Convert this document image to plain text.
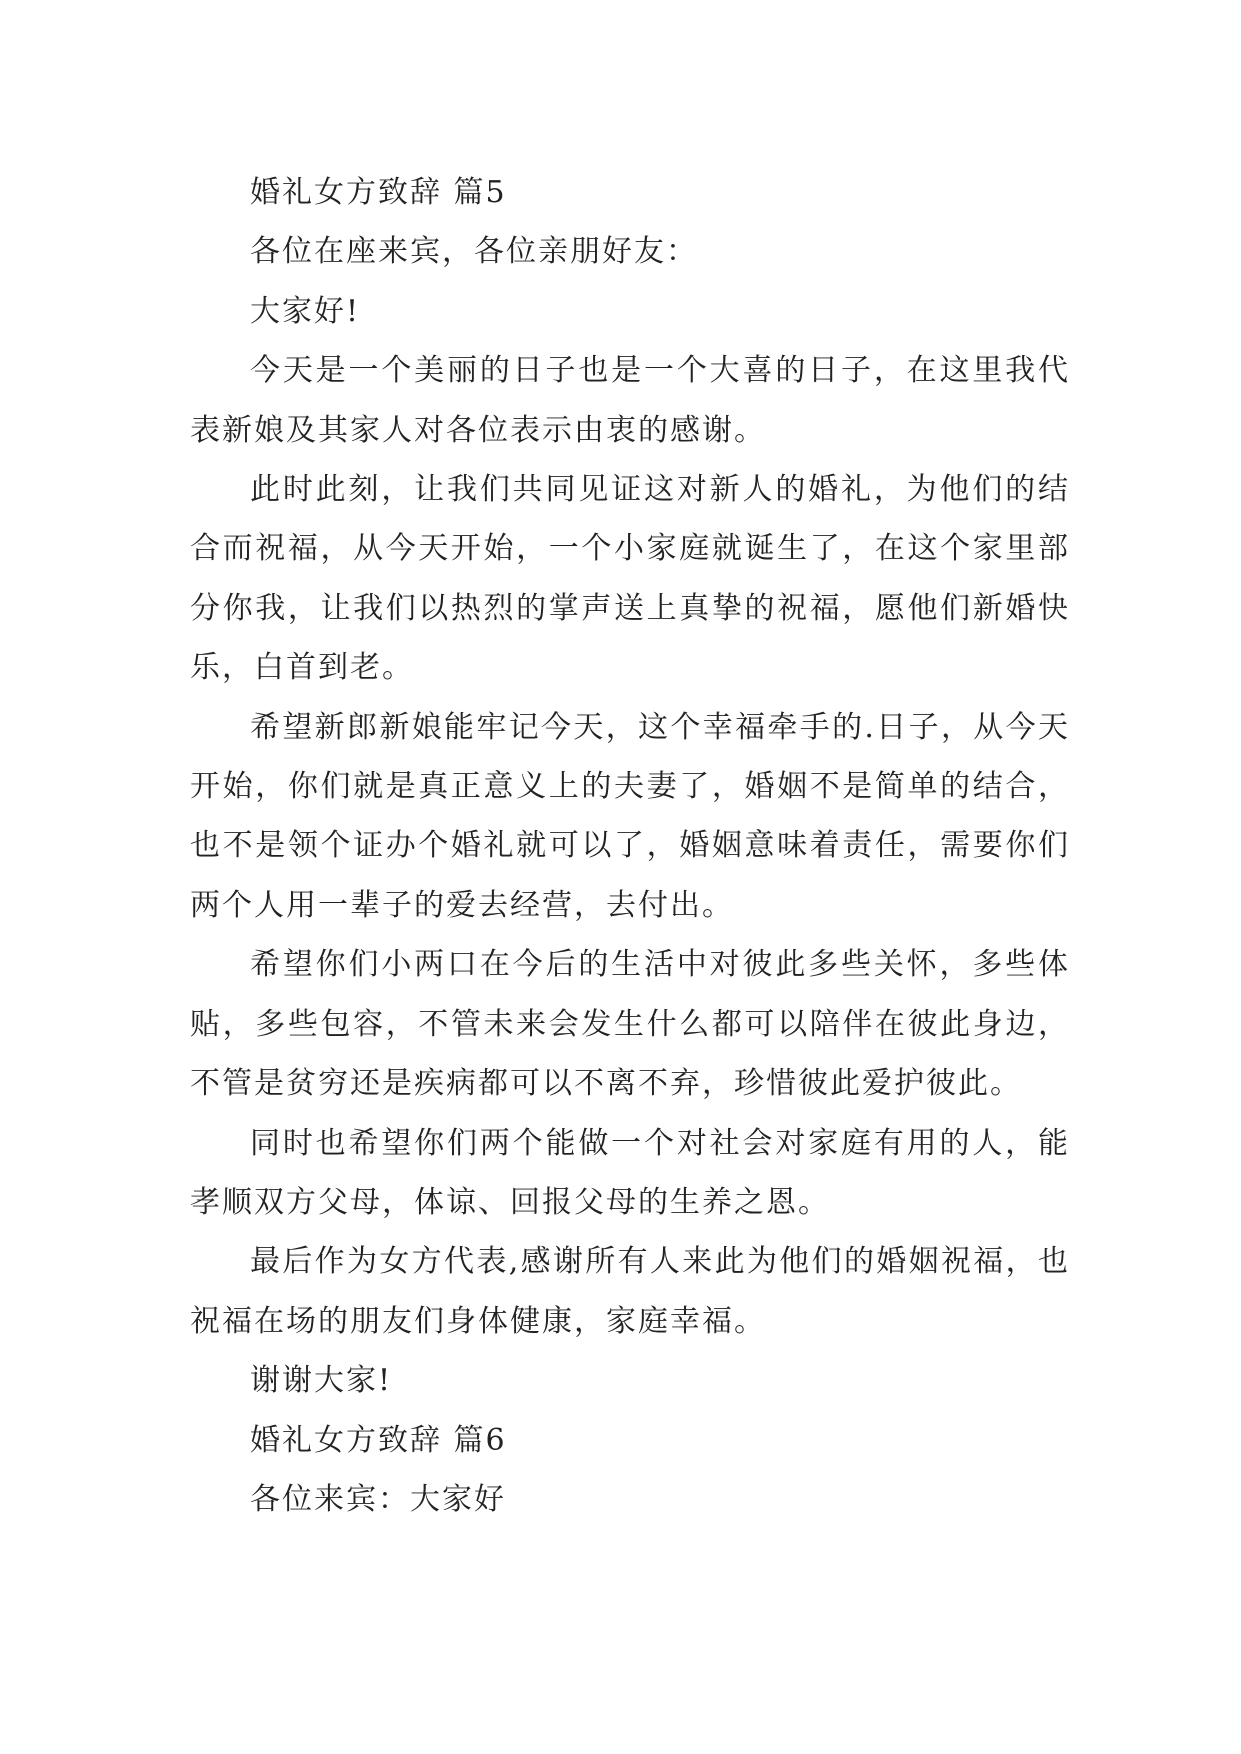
婚礼女方致辞 篇5

各位在座来宾，各位亲朋好友：

大家好!

今天是一个美丽的日子也是一个大喜的日子，在这里我代表新娘及其家人对各位表示由衷的感谢。

此时此刻，让我们共同见证这对新人的婚礼，为他们的结合而祝福，从今天开始，一个小家庭就诞生了，在这个家里部分你我，让我们以热烈的掌声送上真挚的祝福，愿他们新婚快乐，白首到老。

希望新郎新娘能牢记今天，这个幸福牵手的.日子，从今天开始，你们就是真正意义上的夫妻了，婚姻不是简单的结合，也不是领个证办个婚礼就可以了，婚姻意味着责任，需要你们两个人用一辈子的爱去经营，去付出。

希望你们小两口在今后的生活中对彼此多些关怀，多些体贴，多些包容，不管未来会发生什么都可以陪伴在彼此身边，不管是贫穷还是疾病都可以不离不弃，珍惜彼此爱护彼此。

同时也希望你们两个能做一个对社会对家庭有用的人，能孝顺双方父母，体谅、回报父母的生养之恩。

最后作为女方代表,感谢所有人来此为他们的婚姻祝福，也祝福在场的朋友们身体健康，家庭幸福。

谢谢大家!

婚礼女方致辞 篇6

各位来宾：大家好
